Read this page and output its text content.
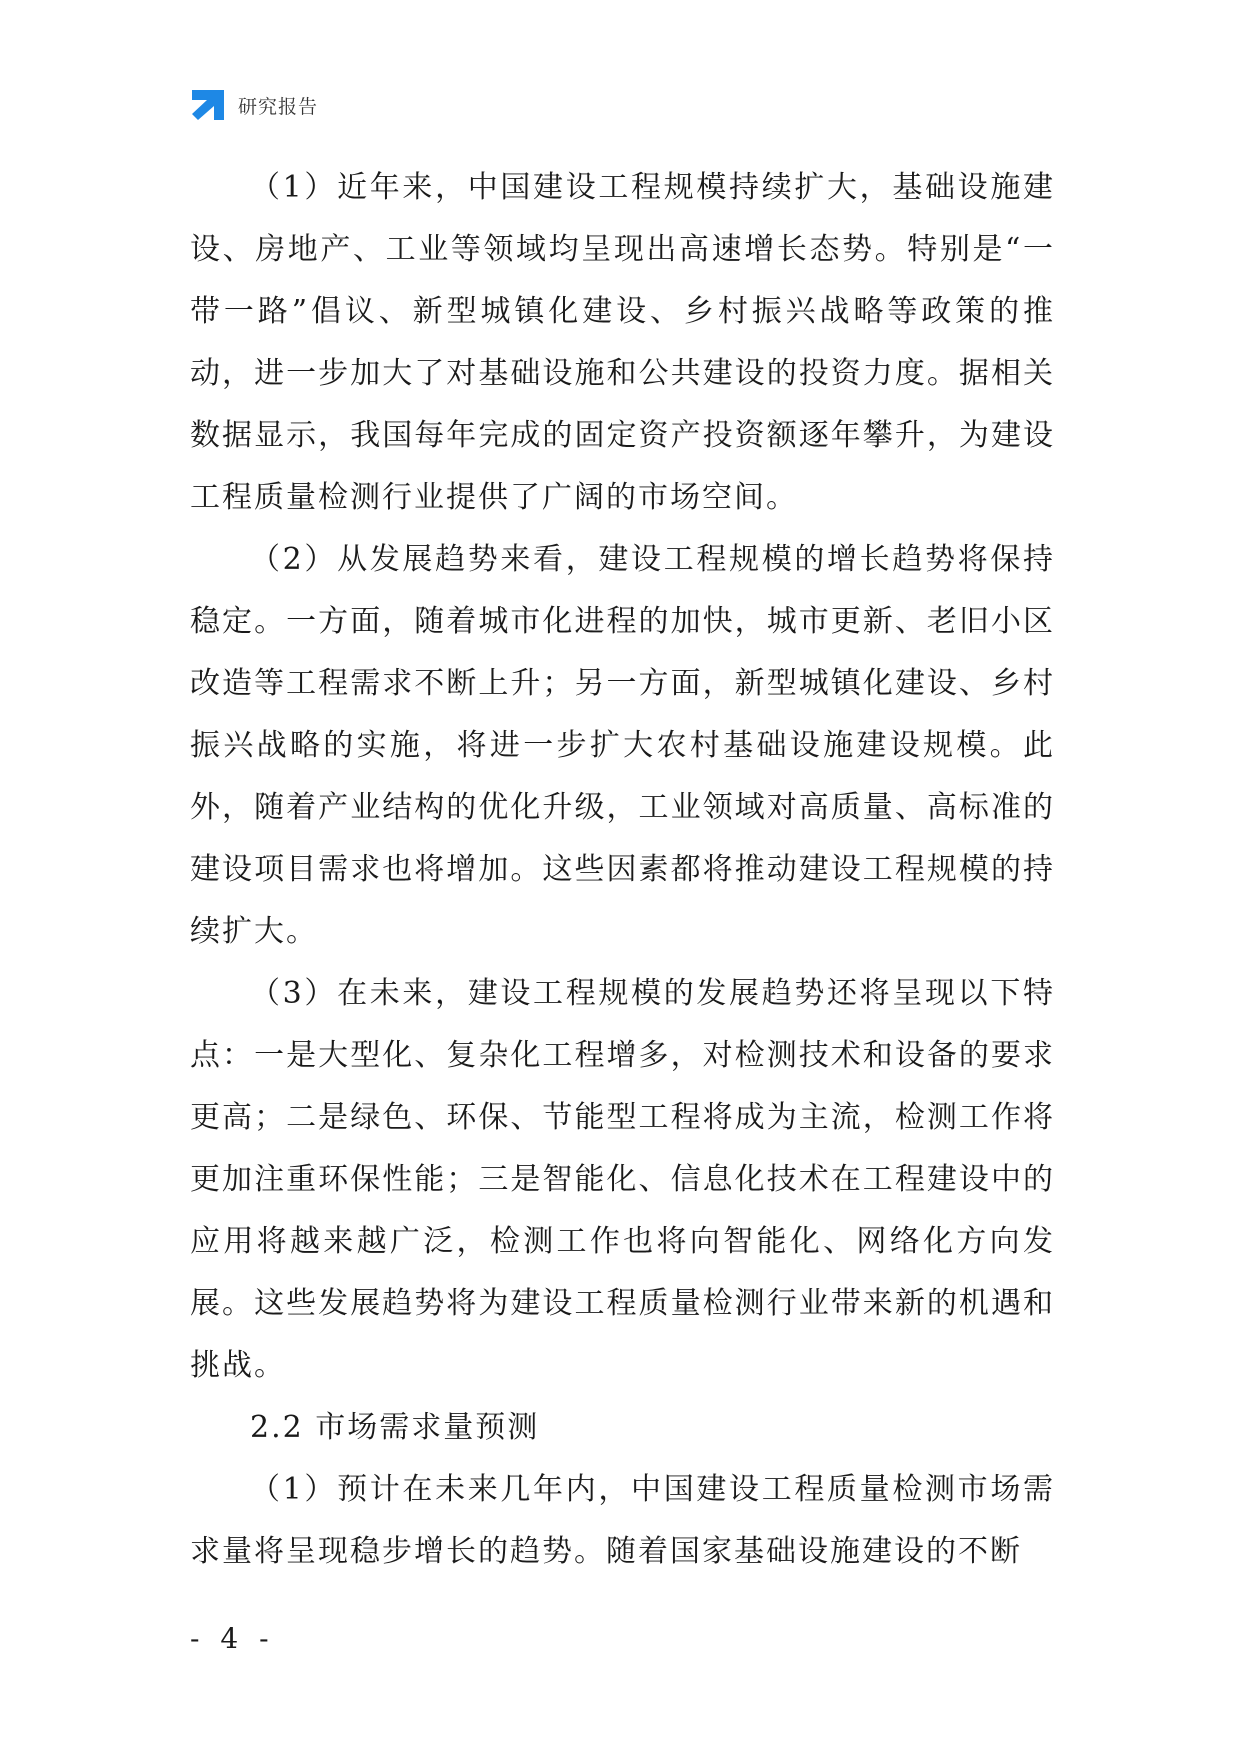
研究报告

（1）近年来，中国建设工程规模持续扩大，基础设施建设、房地产、工业等领域均呈现出高速增长态势。特别是“一带一路”倡议、新型城镇化建设、乡村振兴战略等政策的推动，进一步加大了对基础设施和公共建设的投资力度。据相关数据显示，我国每年完成的固定资产投资额逐年攀升，为建设工程质量检测行业提供了广阔的市场空间。

（2）从发展趋势来看，建设工程规模的增长趋势将保持稳定。一方面，随着城市化进程的加快，城市更新、老旧小区改造等工程需求不断上升；另一方面，新型城镇化建设、乡村振兴战略的实施，将进一步扩大农村基础设施建设规模。此外，随着产业结构的优化升级，工业领域对高质量、高标准的建设项目需求也将增加。这些因素都将推动建设工程规模的持续扩大。

（3）在未来，建设工程规模的发展趋势还将呈现以下特点：一是大型化、复杂化工程增多，对检测技术和设备的要求更高；二是绿色、环保、节能型工程将成为主流，检测工作将更加注重环保性能；三是智能化、信息化技术在工程建设中的应用将越来越广泛，检测工作也将向智能化、网络化方向发展。这些发展趋势将为建设工程质量检测行业带来新的机遇和挑战。

2.2 市场需求量预测

（1）预计在未来几年内，中国建设工程质量检测市场需求量将呈现稳步增长的趋势。随着国家基础设施建设的不断

- 4 -
